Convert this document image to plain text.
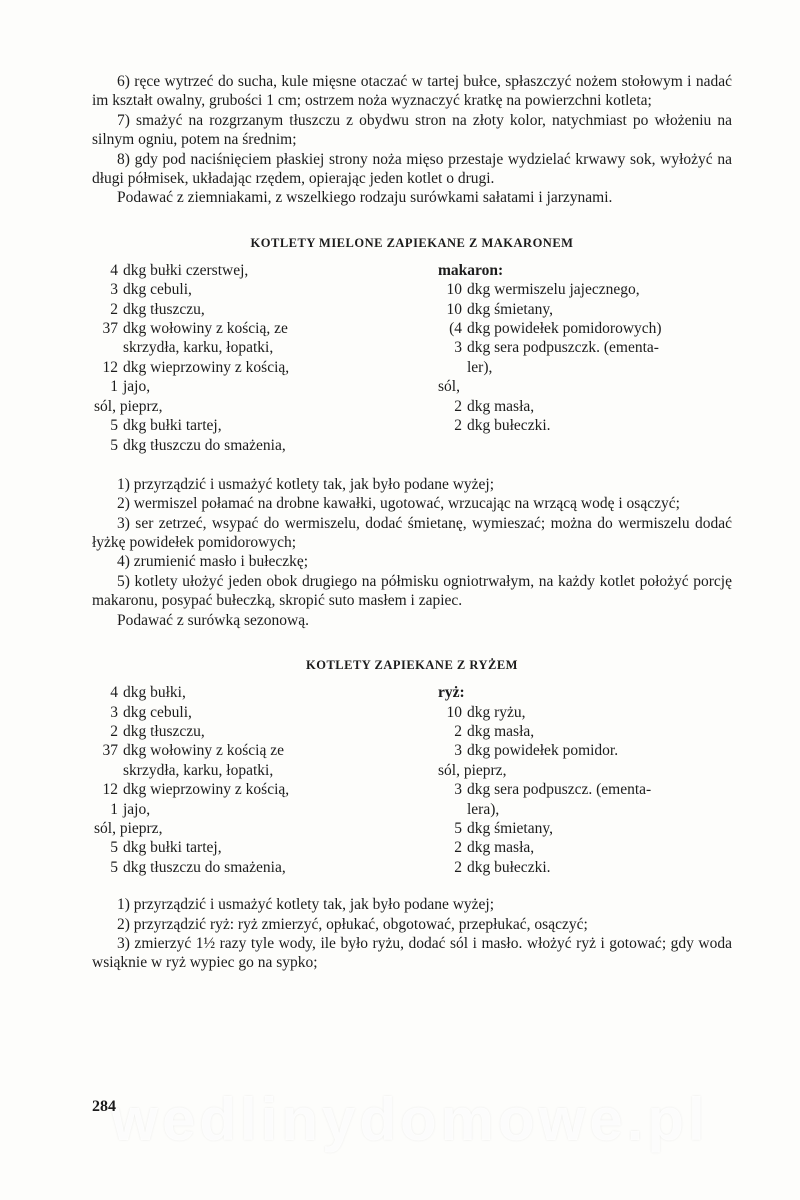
6) ręce wytrzeć do sucha, kule mięsne otaczać w tartej bułce, spłaszczyć nożem stołowym i nadać im kształt owalny, grubości 1 cm; ostrzem noża wyznaczyć kratkę na powierzchni kotleta;

7) smażyć na rozgrzanym tłuszczu z obydwu stron na złoty kolor, natychmiast po włożeniu na silnym ogniu, potem na średnim;

8) gdy pod naciśnięciem płaskiej strony noża mięso przestaje wydzielać krwawy sok, wyłożyć na długi półmisek, układając rzędem, opierając jeden kotlet o drugi.

Podawać z ziemniakami, z wszelkiego rodzaju surówkami sałatami i jarzynami.

KOTLETY MIELONE ZAPIEKANE Z MAKARONEM
4 dkg bułki czerstwej,
3 dkg cebuli,
2 dkg tłuszczu,
37 dkg wołowiny z kością, ze
skrzydła, karku, łopatki,
12 dkg wieprzowiny z kością,
1 jajo,
sól, pieprz,
5 dkg bułki tartej,
5 dkg tłuszczu do smażenia,

makaron:

10 dkg wermiszelu jajecznego,
10 dkg śmietany,
(4 dkg powidełek pomidorowych)
3 dkg sera podpuszczk. (ementa-
ler),
sól,
2 dkg masła,
2 dkg bułeczki.

1) przyrządzić i usmażyć kotlety tak, jak było podane wyżej;

2) wermiszel połamać na drobne kawałki, ugotować, wrzucając na wrzącą wodę i osączyć;

3) ser zetrzeć, wsypać do wermiszelu, dodać śmietanę, wymieszać; można do wermiszelu dodać łyżkę powidełek pomidorowych;

4) zrumienić masło i bułeczkę;

5) kotlety ułożyć jeden obok drugiego na półmisku ogniotrwałym, na każdy kotlet położyć porcję makaronu, posypać bułeczką, skropić suto masłem i zapiec.

Podawać z surówką sezonową.

KOTLETY ZAPIEKANE Z RYŻEM
4 dkg bułki,
3 dkg cebuli,
2 dkg tłuszczu,
37 dkg wołowiny z kością ze
skrzydła, karku, łopatki,
12 dkg wieprzowiny z kością,
1 jajo,
sól, pieprz,
5 dkg bułki tartej,
5 dkg tłuszczu do smażenia,

ryż:

10 dkg ryżu,
2 dkg masła,
3 dkg powidełek pomidor.
sól, pieprz,
3 dkg sera podpuszcz. (ementa-
lera),
5 dkg śmietany,
2 dkg masła,
2 dkg bułeczki.

1) przyrządzić i usmażyć kotlety tak, jak było podane wyżej;

2) przyrządzić ryż: ryż zmierzyć, opłukać, obgotować, przepłukać, osączyć;

3) zmierzyć 1½ razy tyle wody, ile było ryżu, dodać sól i masło. włożyć ryż i gotować; gdy woda wsiąknie w ryż wypiec go na sypko;

wedlinydomowe.pl
284
